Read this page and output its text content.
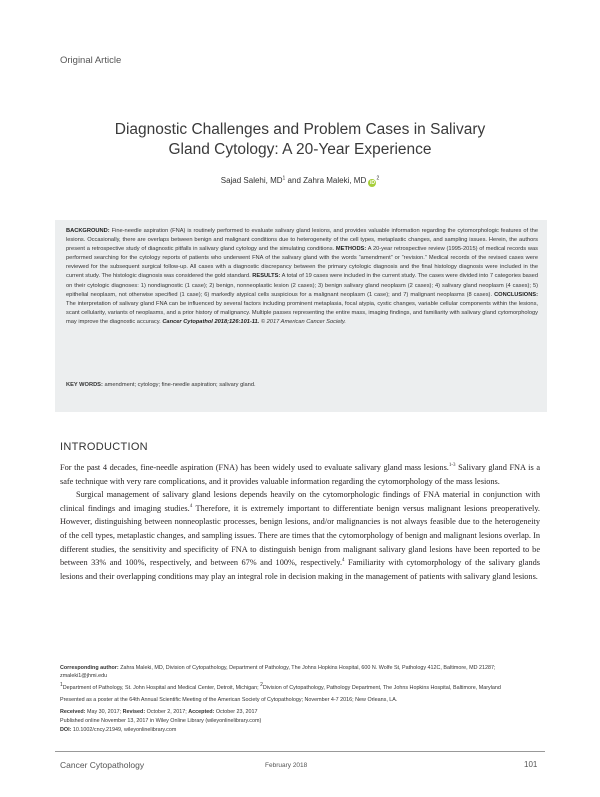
Original Article
Diagnostic Challenges and Problem Cases in Salivary
Gland Cytology: A 20-Year Experience
Sajad Salehi, $MD^1$ and Zahra Maleki, MD $iD^2$
BACKGROUND: Fine-needle aspiration (FNA) is routinely performed to evaluate salivary gland lesions, and provides valuable information regarding the cytomorphologic features of the lesions. Occasionally, there are overlaps between benign and malignant conditions due to heterogeneity of the cell types, metaplastic changes, and sampling issues. Herein, the authors present a retrospective study of diagnostic pitfalls in salivary gland cytology and the simulating conditions. METHODS: A 20-year retrospective review (1995-2015) of medical records was performed searching for the cytology reports of patients who underwent FNA of the salivary gland with the words “amendment” or “revision.” Medical records of the revised cases were reviewed for the subsequent surgical follow-up. All cases with a diagnostic discrepancy between the primary cytologic diagnosis and the final histology diagnosis were included in the current study. The histologic diagnosis was considered the gold standard. RESULTS: A total of 19 cases were included in the current study. The cases were divided into 7 categories based on their cytologic diagnoses: 1) nondiagnostic (1 case); 2) benign, nonneoplastic lesion (2 cases); 3) benign salivary gland neoplasm (2 cases); 4) salivary gland neoplasm (4 cases); 5) epithelial neoplasm, not otherwise specified (1 case); 6) markedly atypical cells suspicious for a malignant neoplasm (1 case); and 7) malignant neoplasms (8 cases). CONCLUSIONS: The interpretation of salivary gland FNA can be influenced by several factors including prominent metaplasia, focal atypia, cystic changes, variable cellular components within the lesions, scant cellularity, variants of neoplasms, and a prior history of malignancy. Multiple passes representing the entire mass, imaging findings, and familiarity with salivary gland cytomorphology may improve the diagnostic accuracy. Cancer Cytopathol 2018;126:101-11. © 2017 American Cancer Society.
KEY WORDS: amendment; cytology; fine-needle aspiration; salivary gland.
INTRODUCTION

For the past 4 decades, fine-needle aspiration (FNA) has been widely used to evaluate salivary gland mass lesions.$^{1-3}$ Salivary gland FNA is a safe technique with very rare complications, and it provides valuable information regarding the cytomorphology of the mass lesions.

Surgical management of salivary gland lesions depends heavily on the cytomorphologic findings of FNA material in conjunction with clinical findings and imaging studies.$^4$ Therefore, it is extremely important to differentiate benign versus malignant lesions preoperatively. However, distinguishing between nonneoplastic processes, benign lesions, and/or malignancies is not always feasible due to the heterogeneity of the cell types, metaplastic changes, and sampling issues. There are times that the cytomorphology of benign and malignant lesions overlap. In different studies, the sensitivity and specificity of FNA to distinguish benign from malignant salivary gland lesions have been reported to be between 33% and 100%, respectively, and between 67% and 100%, respectively.$^4$ Familiarity with cytomorphology of the salivary glands lesions and their overlapping conditions may play an integral role in decision making in the management of patients with salivary gland lesions.

Corresponding author: Zahra Maleki, MD, Division of Cytopathology, Department of Pathology, The Johns Hopkins Hospital, 600 N. Wolfe St, Pathology 412C, Baltimore, MD 21287; zmaleki1@jhmi.edu
$^1$Department of Pathology, St. John Hospital and Medical Center, Detroit, Michigan; $^2$Division of Cytopathology, Pathology Department, The Johns Hopkins Hospital, Baltimore, Maryland
Presented as a poster at the 64th Annual Scientific Meeting of the American Society of Cytopathology; November 4-7 2016; New Orleans, LA.
Received: May 30, 2017; Revised: October 2, 2017; Accepted: October 23, 2017
Published online November 13, 2017 in Wiley Online Library (wileyonlinelibrary.com)
DOI: 10.1002/cncy.21949, wileyonlinelibrary.com
Cancer Cytopathology	February 2018	101
